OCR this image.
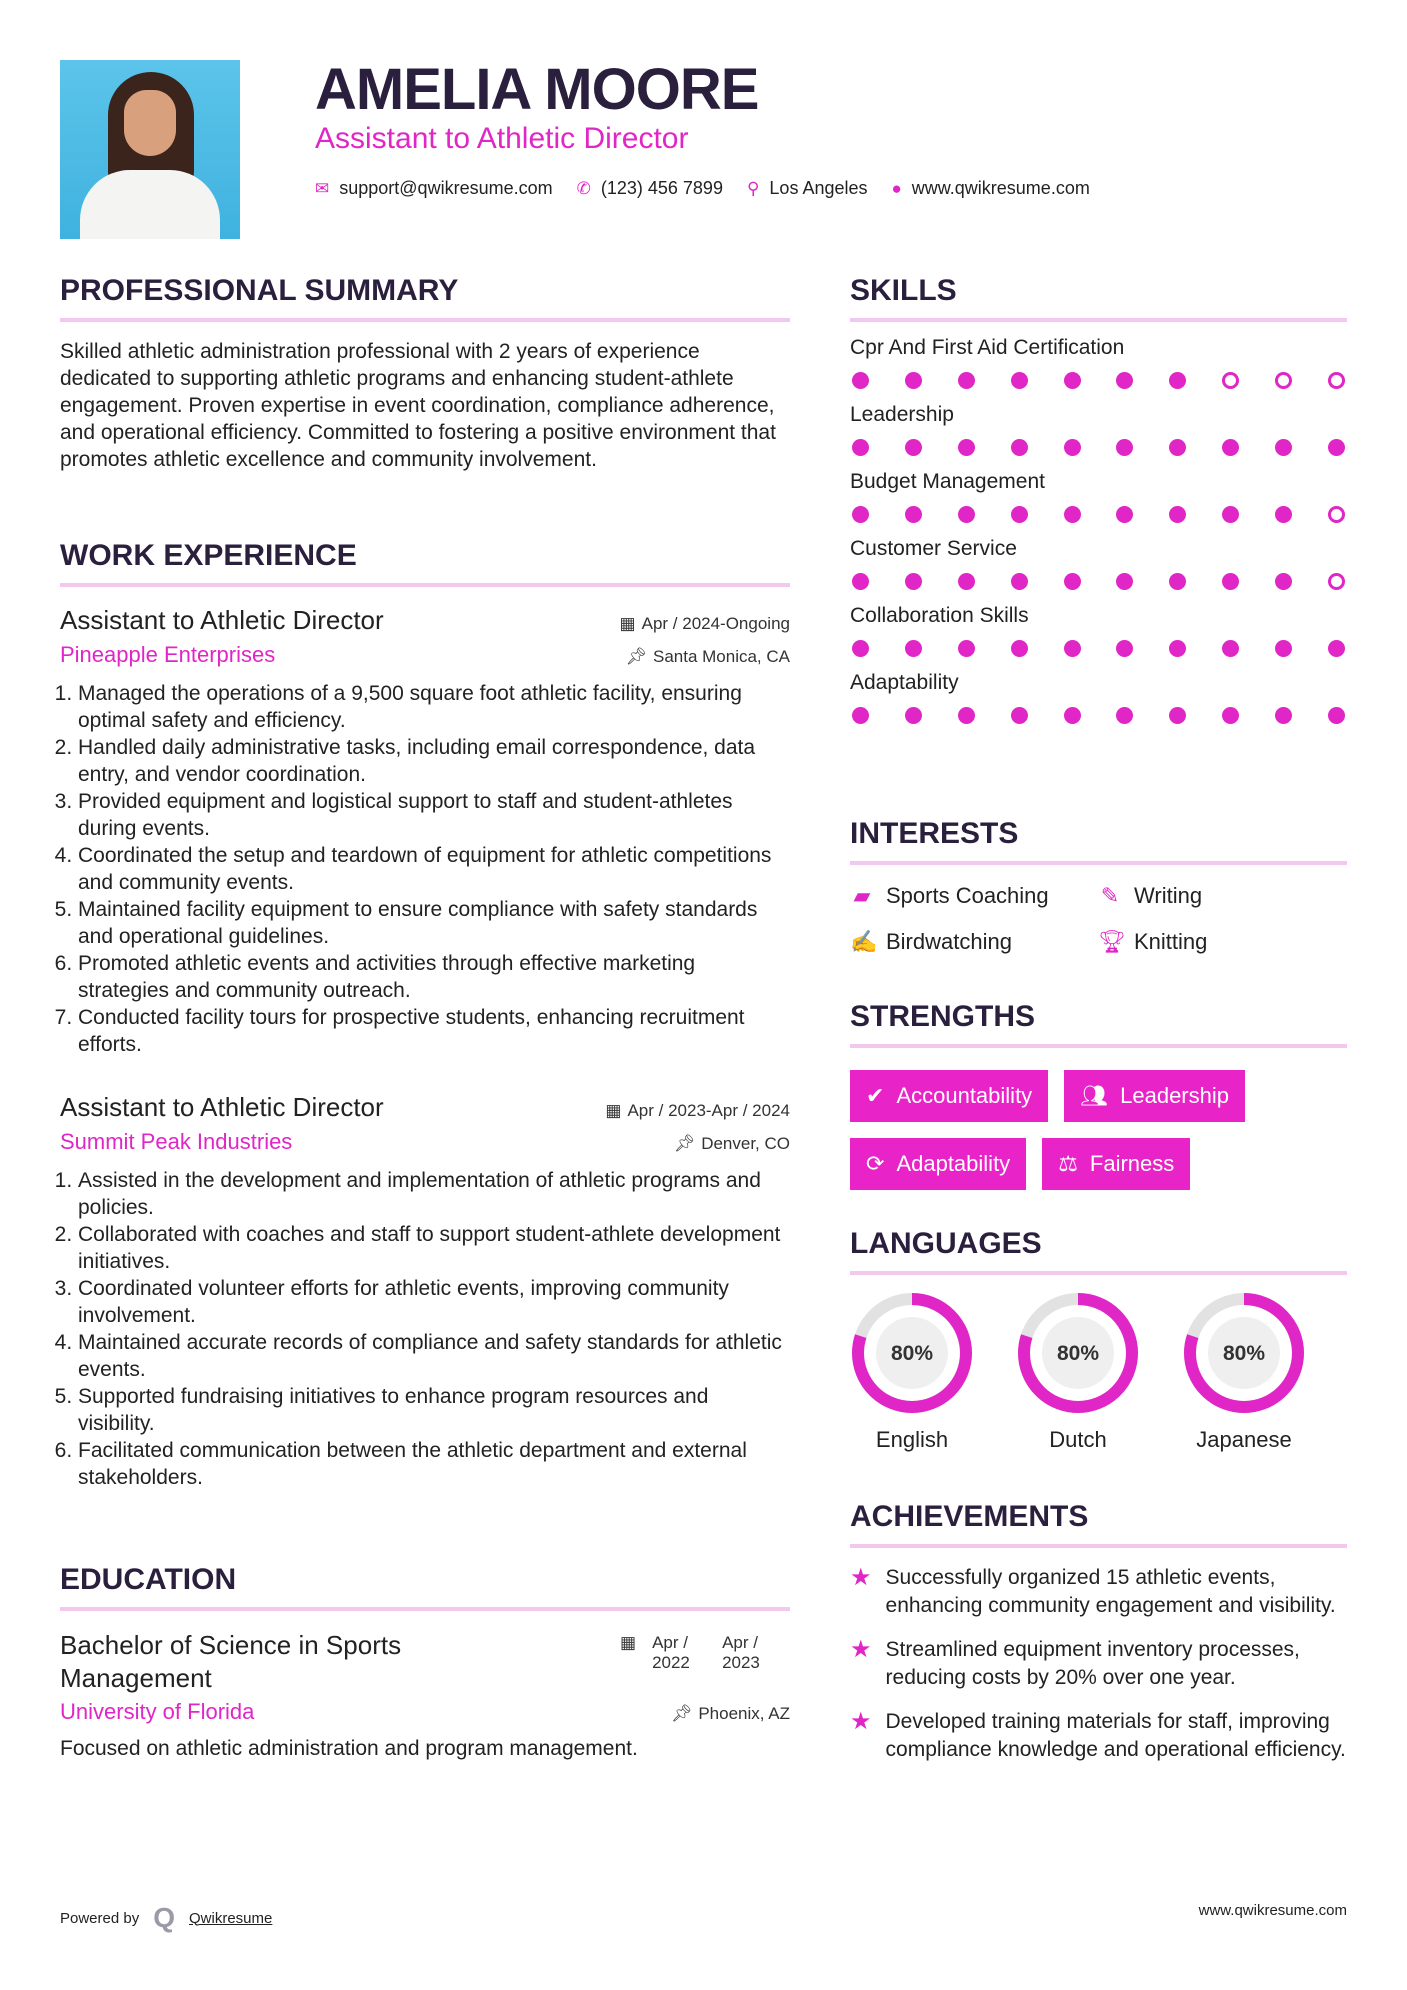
AMELIA MOORE
Assistant to Athletic Director
✉ support@qwikresume.com ✆ (123) 456 7899 ⚲ Los Angeles ● www.qwikresume.com
PROFESSIONAL SUMMARY

Skilled athletic administration professional with 2 years of experience dedicated to supporting athletic programs and enhancing student-athlete engagement. Proven expertise in event coordination, compliance adherence, and operational efficiency. Committed to fostering a positive environment that promotes athletic excellence and community involvement.

WORK EXPERIENCE
Assistant to Athletic Director	▦ Apr / 2024-Ongoing
Pineapple Enterprises	📌︎ Santa Monica, CA
1. Managed the operations of a 9,500 square foot athletic facility, ensuring optimal safety and efficiency.
2. Handled daily administrative tasks, including email correspondence, data entry, and vendor coordination.
3. Provided equipment and logistical support to staff and student-athletes during events.
4. Coordinated the setup and teardown of equipment for athletic competitions and community events.
5. Maintained facility equipment to ensure compliance with safety standards and operational guidelines.
6. Promoted athletic events and activities through effective marketing strategies and community outreach.
7. Conducted facility tours for prospective students, enhancing recruitment efforts.
Assistant to Athletic Director	▦ Apr / 2023-Apr / 2024
Summit Peak Industries	📌︎ Denver, CO
1. Assisted in the development and implementation of athletic programs and policies.
2. Collaborated with coaches and staff to support student-athlete development initiatives.
3. Coordinated volunteer efforts for athletic events, improving community involvement.
4. Maintained accurate records of compliance and safety standards for athletic events.
5. Supported fundraising initiatives to enhance program resources and visibility.
6. Facilitated communication between the athletic department and external stakeholders.
EDUCATION
Bachelor of Science in Sports Management
▦ Apr / 2022
Apr / 2023
University of Florida	📌︎ Phoenix, AZ

Focused on athletic administration and program management.

SKILLS
Cpr And First Aid Certification
Leadership
Budget Management
Customer Service
Collaboration Skills
Adaptability
INTERESTS
▰ Sports Coaching ✎ Writing
✍ Birdwatching	🏆︎ Knitting
STRENGTHS
✔ Accountability 👥︎ Leadership
⟳ Adaptability ⚖ Fairness
LANGUAGES
80%
English
80%
Dutch
80%
Japanese
ACHIEVEMENTS
★ Successfully organized 15 athletic events, enhancing community engagement and visibility.
★ Streamlined equipment inventory processes, reducing costs by 20% over one year.
★ Developed training materials for staff, improving compliance knowledge and operational efficiency.
Powered by Q Qwikresume	www.qwikresume.com
